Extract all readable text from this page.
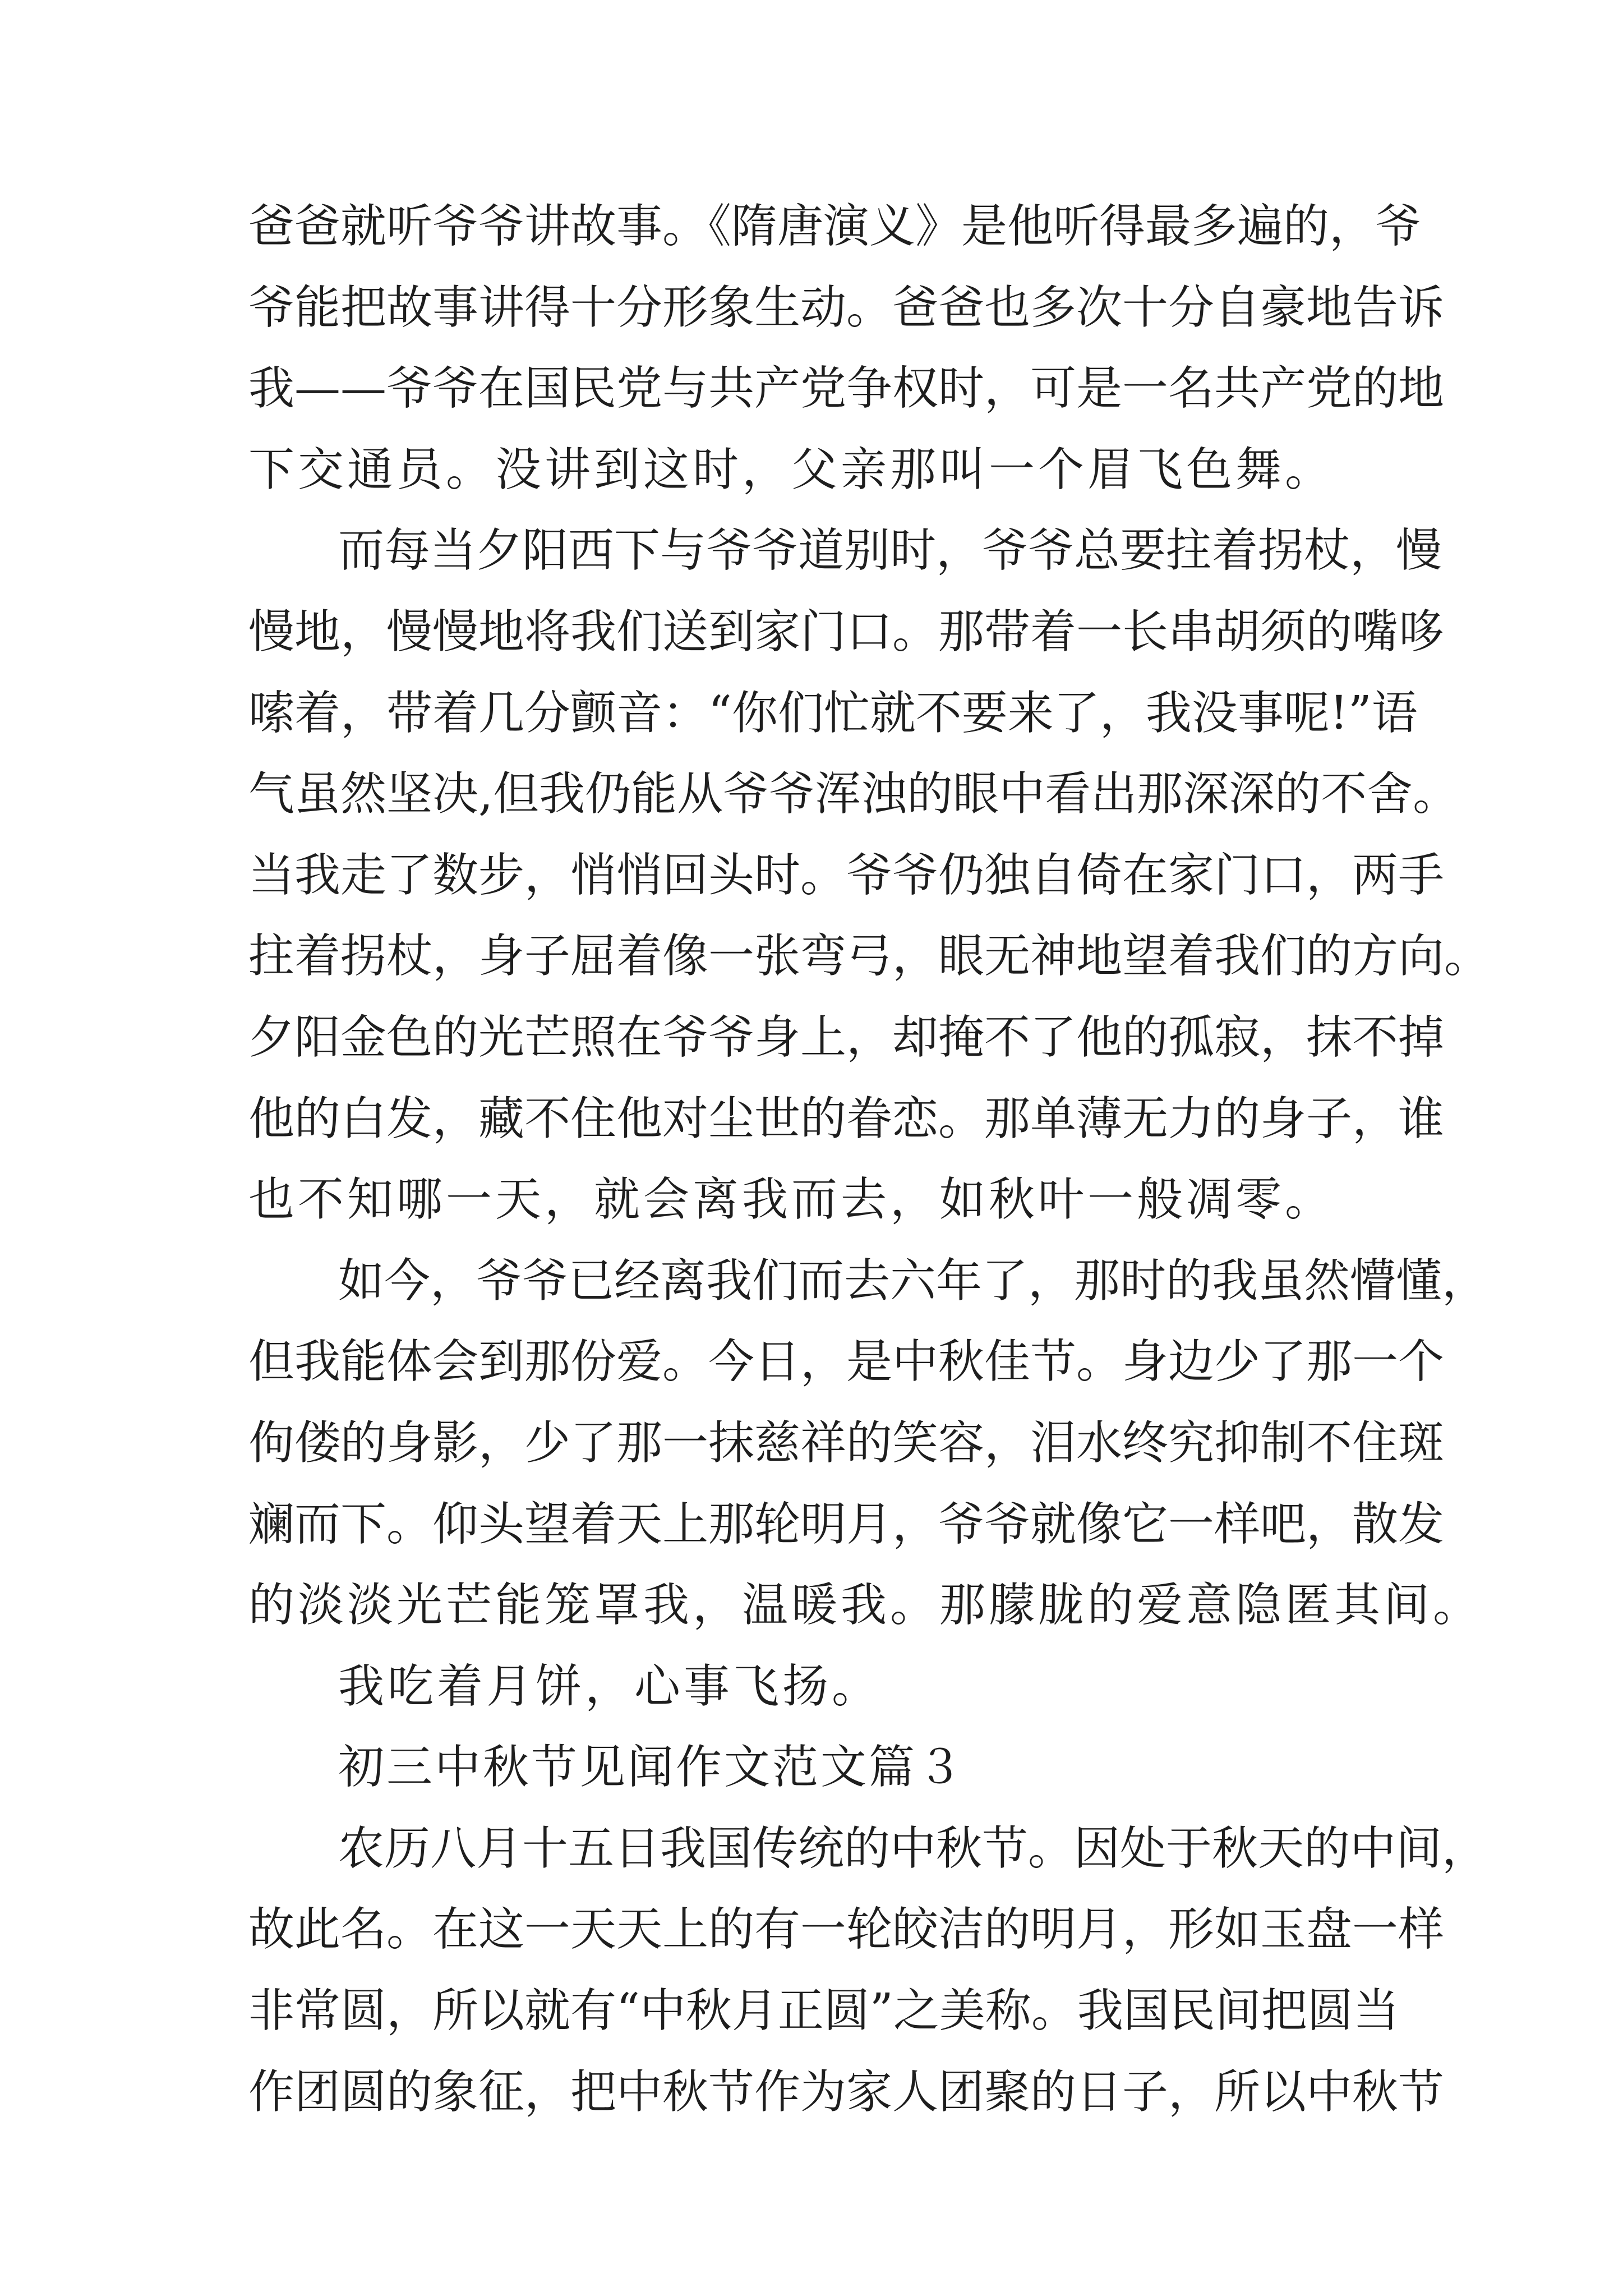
爸爸就听爷爷讲故事。《隋唐演义》是他听得最多遍的，爷
爷能把故事讲得十分形象生动。爸爸也多次十分自豪地告诉
我——爷爷在国民党与共产党争权时，可是一名共产党的地
下交通员。没讲到这时，父亲那叫一个眉飞色舞。
而每当夕阳西下与爷爷道别时，爷爷总要拄着拐杖，慢
慢地，慢慢地将我们送到家门口。那带着一长串胡须的嘴哆
嗦着，带着几分颤音：“你们忙就不要来了，我没事呢!”语
气虽然坚决,但我仍能从爷爷浑浊的眼中看出那深深的不舍。
当我走了数步，悄悄回头时。爷爷仍独自倚在家门口，两手
拄着拐杖，身子屈着像一张弯弓，眼无神地望着我们的方向。
夕阳金色的光芒照在爷爷身上，却掩不了他的孤寂，抹不掉
他的白发，藏不住他对尘世的眷恋。那单薄无力的身子，谁
也不知哪一天，就会离我而去，如秋叶一般凋零。
如今，爷爷已经离我们而去六年了，那时的我虽然懵懂，
但我能体会到那份爱。今日，是中秋佳节。身边少了那一个
佝偻的身影，少了那一抹慈祥的笑容，泪水终究抑制不住斑
斓而下。仰头望着天上那轮明月，爷爷就像它一样吧，散发
的淡淡光芒能笼罩我，温暖我。那朦胧的爱意隐匿其间。
我吃着月饼，心事飞扬。
初三中秋节见闻作文范文篇３
农历八月十五日我国传统的中秋节。因处于秋天的中间，
故此名。在这一天天上的有一轮皎洁的明月，形如玉盘一样
非常圆，所以就有“中秋月正圆”之美称。我国民间把圆当
作团圆的象征，把中秋节作为家人团聚的日子，所以中秋节
